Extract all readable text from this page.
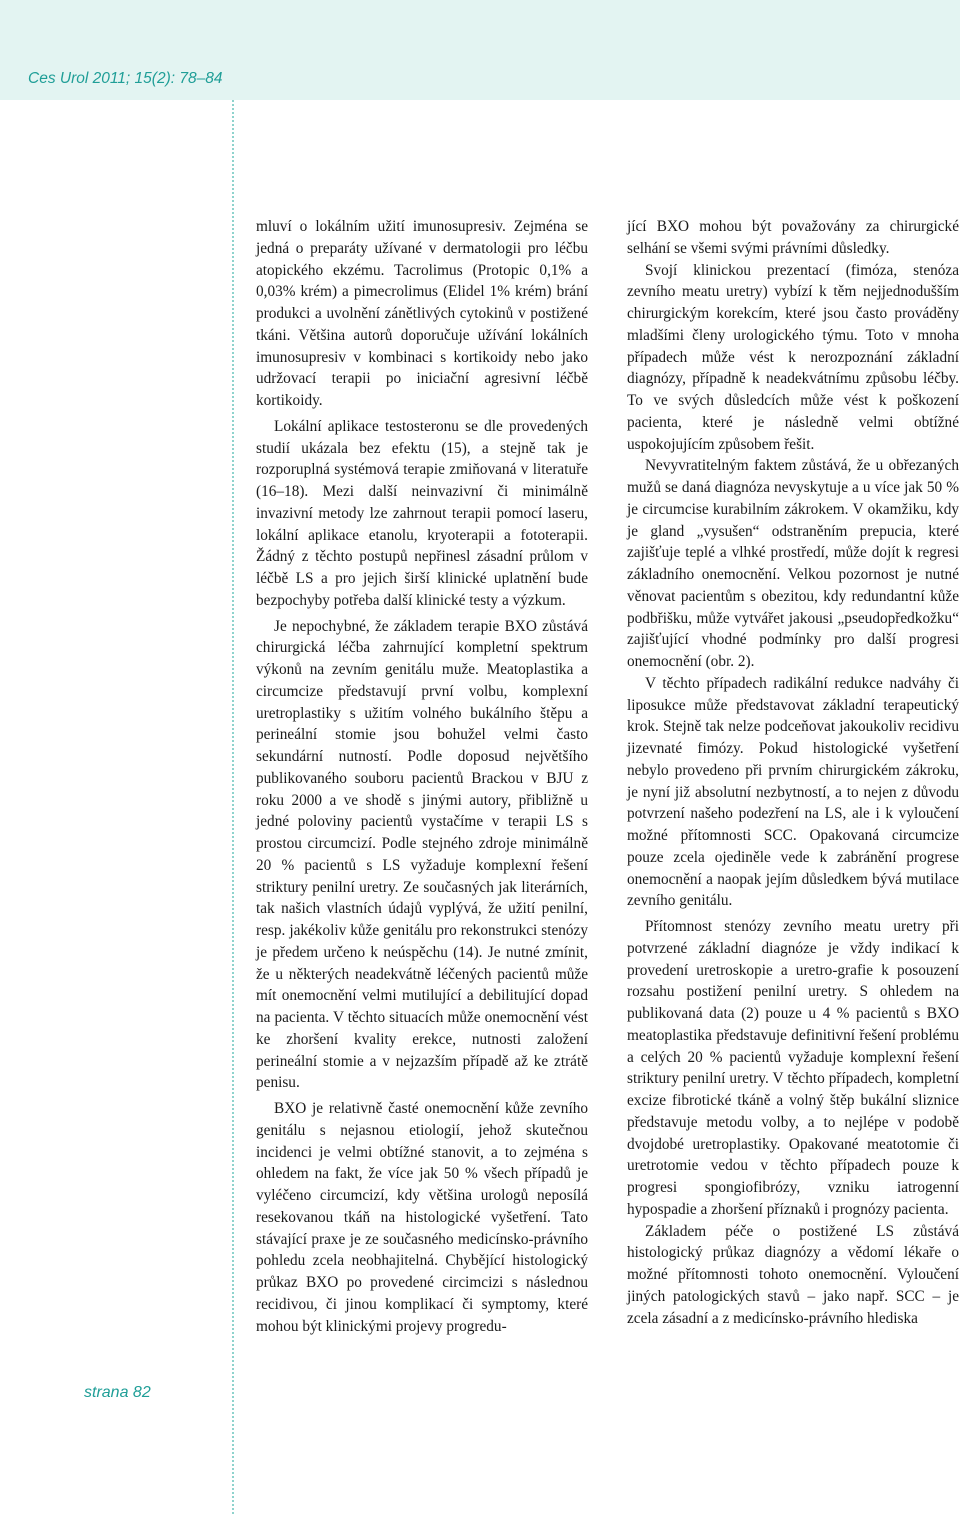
Ces Urol 2011; 15(2): 78–84
strana 82

mluví o lokálním užití imunosupresiv. Zejména se jedná o preparáty užívané v dermatologii pro léčbu atopického ekzému. Tacrolimus (Protopic 0,1% a 0,03% krém) a pimecrolimus (Elidel 1% krém) brání produkci a uvolnění zánětlivých cytokinů v postižené tkáni. Většina autorů doporučuje užívání lokálních imunosupresiv v kombinaci s kortikoidy nebo jako udržovací terapii po iniciační agresivní léčbě kortikoidy.

Lokální aplikace testosteronu se dle provedených studií ukázala bez efektu (15), a stejně tak je rozporuplná systémová terapie zmiňovaná v literatuře (16–18). Mezi další neinvazivní či minimálně invazivní metody lze zahrnout terapii pomocí laseru, lokální aplikace etanolu, kryoterapii a fototerapii. Žádný z těchto postupů nepřinesl zásadní průlom v léčbě LS a pro jejich širší klinické uplatnění bude bezpochyby potřeba další klinické testy a výzkum.

Je nepochybné, že základem terapie BXO zůstává chirurgická léčba zahrnující kompletní spektrum výkonů na zevním genitálu muže. Meatoplastika a circumcize představují první volbu, komplexní uretroplastiky s užitím volného bukálního štěpu a perineální stomie jsou bohužel velmi často sekundární nutností. Podle doposud největšího publikovaného souboru pacientů Brackou v BJU z roku 2000 a ve shodě s jinými autory, přibližně u jedné poloviny pacientů vystačíme v terapii LS s prostou circumcizí. Podle stejného zdroje minimálně 20 % pacientů s LS vyžaduje komplexní řešení striktury penilní uretry. Ze současných jak literárních, tak našich vlastních údajů vyplývá, že užití penilní, resp. jakékoliv kůže genitálu pro rekonstrukci stenózy je předem určeno k neúspěchu (14). Je nutné zmínit, že u některých neadekvátně léčených pacientů může mít onemocnění velmi mutilující a debilitující dopad na pacienta. V těchto situacích může onemocnění vést ke zhoršení kvality erekce, nutnosti založení perineální stomie a v nejzazším případě až ke ztrátě penisu.

BXO je relativně časté onemocnění kůže zevního genitálu s nejasnou etiologií, jehož skutečnou incidenci je velmi obtížné stanovit, a to zejména s ohledem na fakt, že více jak 50 % všech případů je vyléčeno circumcizí, kdy většina urologů neposílá resekovanou tkáň na histologické vyšetření. Tato stávající praxe je ze současného medicínsko-právního pohledu zcela neobhajitelná. Chybějící histologický průkaz BXO po provedené circimcizi s následnou recidivou, či jinou komplikací či symptomy, které mohou být klinickými projevy progredu-

jící BXO mohou být považovány za chirurgické selhání se všemi svými právními důsledky.

Svojí klinickou prezentací (fimóza, stenóza zevního meatu uretry) vybízí k těm nejjednodušším chirurgickým korekcím, které jsou často prováděny mladšími členy urologického týmu. Toto v mnoha případech může vést k nerozpoznání základní diagnózy, případně k neadekvátnímu způsobu léčby. To ve svých důsledcích může vést k poškození pacienta, které je následně velmi obtížné uspokojujícím způsobem řešit.

Nevyvratitelným faktem zůstává, že u obřezaných mužů se daná diagnóza nevyskytuje a u více jak 50 % je circumcise kurabilním zákrokem. V okamžiku, kdy je gland „vysušen“ odstraněním prepucia, které zajišťuje teplé a vlhké prostředí, může dojít k regresi základního onemocnění. Velkou pozornost je nutné věnovat pacientům s obezitou, kdy redundantní kůže podbřišku, může vytvářet jakousi „pseudopředkožku“ zajišťující vhodné podmínky pro další progresi onemocnění (obr. 2).

V těchto případech radikální redukce nadváhy či liposukce může představovat základní terapeutický krok. Stejně tak nelze podceňovat jakoukoliv recidivu jizevnaté fimózy. Pokud histologické vyšetření nebylo provedeno při prvním chirurgickém zákroku, je nyní již absolutní nezbytností, a to nejen z důvodu potvrzení našeho podezření na LS, ale i k vyloučení možné přítomnosti SCC. Opakovaná circumcize pouze zcela ojediněle vede k zabránění progrese onemocnění a naopak jejím důsledkem bývá mutilace zevního genitálu.

Přítomnost stenózy zevního meatu uretry při potvrzené základní diagnóze je vždy indikací k provedení uretroskopie a uretro-grafie k posouzení rozsahu postižení penilní uretry. S ohledem na publikovaná data (2) pouze u 4 % pacientů s BXO meatoplastika představuje definitivní řešení problému a celých 20 % pacientů vyžaduje komplexní řešení striktury penilní uretry. V těchto případech, kompletní excize fibrotické tkáně a volný štěp bukální sliznice představuje metodu volby, a to nejlépe v podobě dvojdobé uretroplastiky. Opakované meatotomie či uretrotomie vedou v těchto případech pouze k progresi spongiofibrózy, vzniku iatrogenní hypospadie a zhoršení příznaků i prognózy pacienta.

Základem péče o postižené LS zůstává histologický průkaz diagnózy a vědomí lékaře o možné přítomnosti tohoto onemocnění. Vyloučení jiných patologických stavů – jako např. SCC – je zcela zásadní a z medicínsko-právního hlediska
